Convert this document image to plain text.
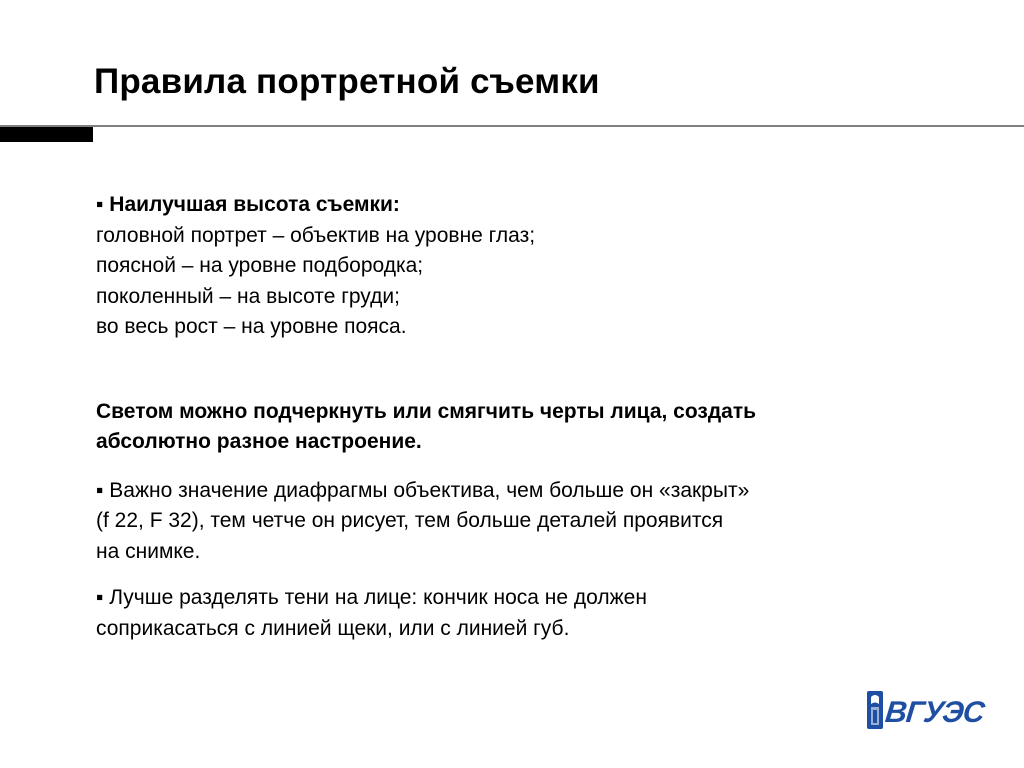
Правила портретной съемки
▪ Наилучшая высота съемки:
головной портрет – объектив на уровне глаз;
поясной – на уровне подбородка;
поколенный – на высоте груди;
во весь рост – на уровне пояса.
Светом можно подчеркнуть или смягчить черты лица, создать
абсолютно разное настроение.
▪ Важно значение диафрагмы объектива, чем больше он «закрыт»
(f 22, F 32), тем четче он рисует, тем больше деталей проявится
на снимке.
▪ Лучше разделять тени на лице: кончик носа не должен
соприкасаться с линией щеки, или с линией губ.
ВГУЭС
